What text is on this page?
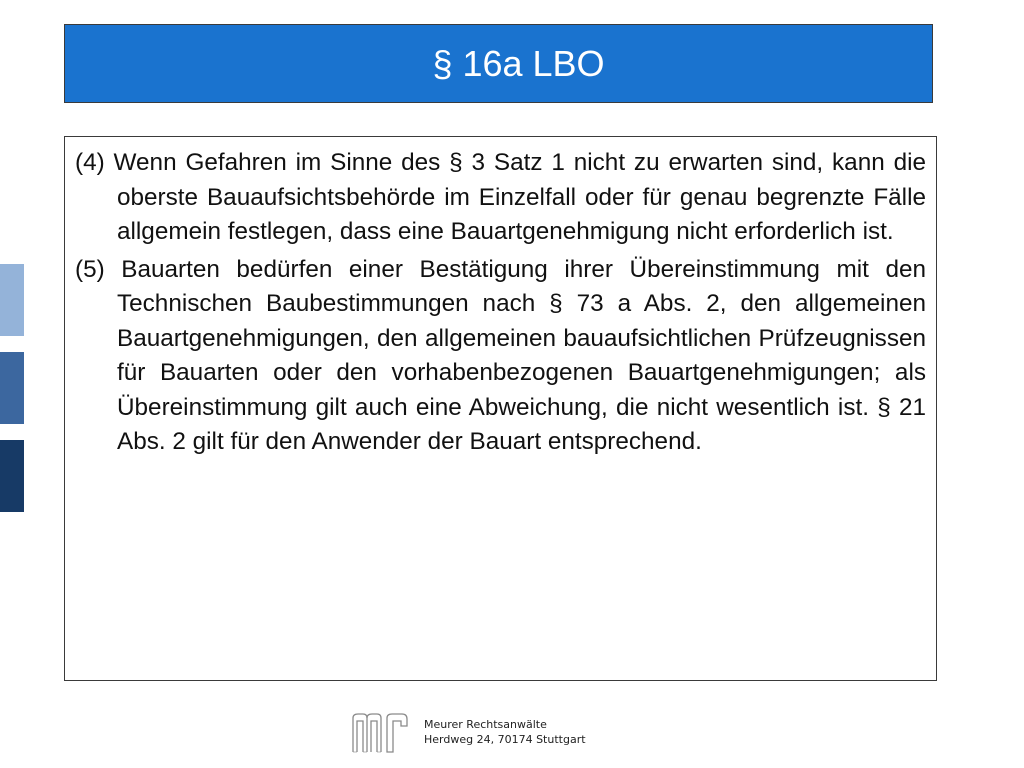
§ 16a LBO

(4) Wenn Gefahren im Sinne des § 3 Satz 1 nicht zu erwarten sind, kann die oberste Bauaufsichtsbehörde im Einzelfall oder für genau begrenzte Fälle allgemein festlegen, dass eine Bauartgenehmigung nicht erforderlich ist.

(5) Bauarten bedürfen einer Bestätigung ihrer Übereinstimmung mit den Technischen Baubestimmungen nach § 73 a Abs. 2, den allgemeinen Bauartgenehmigungen, den allgemeinen bauaufsichtlichen Prüfzeugnissen für Bauarten oder den vorhabenbezogenen Bauartgenehmigungen; als Übereinstimmung gilt auch eine Abweichung, die nicht wesentlich ist. § 21 Abs. 2 gilt für den Anwender der Bauart entsprechend.

Meurer Rechtsanwälte
Herdweg 24, 70174 Stuttgart
